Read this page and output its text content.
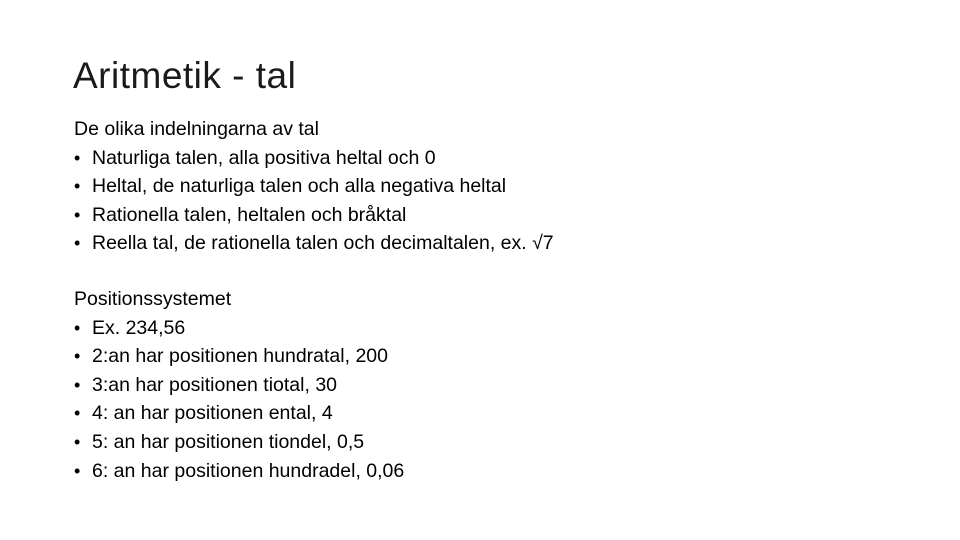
Aritmetik - tal

De olika indelningarna av tal

• Naturliga talen, alla positiva heltal och 0
• Heltal, de naturliga talen och alla negativa heltal
• Rationella talen, heltalen och bråktal
• Reella tal, de rationella talen och decimaltalen, ex. √7

Positionssystemet

• Ex. 234,56
• 2:an har positionen hundratal, 200
• 3:an har positionen tiotal, 30
• 4: an har positionen ental, 4
• 5: an har positionen tiondel, 0,5
• 6: an har positionen hundradel, 0,06
